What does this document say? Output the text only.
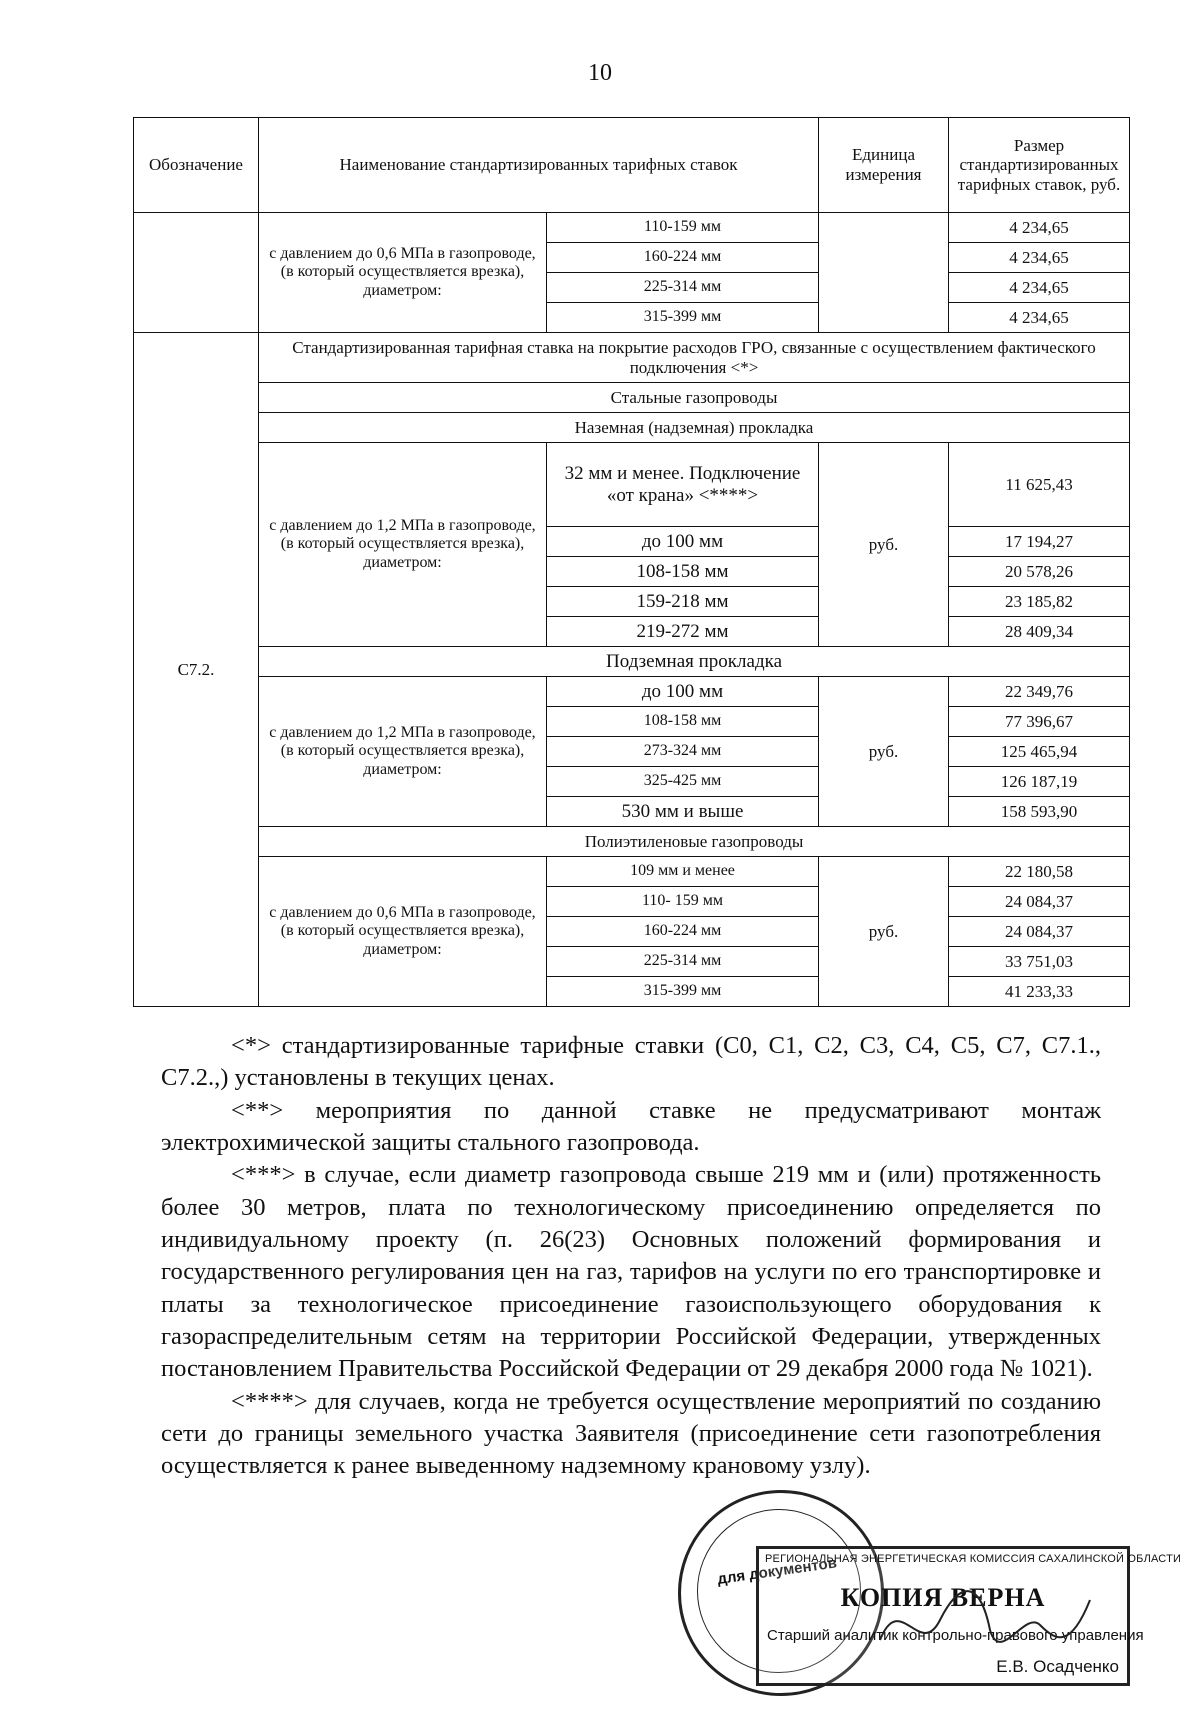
10
Обозначение	Наименование стандартизированных тарифных ставок		Единица измерения	Размер стандартизированных тарифных ставок, руб.
	с давлением до 0,6 МПа в газопроводе, (в который осуществляется врезка), диаметром:	110-159 мм		4 234,65
		160-224 мм		4 234,65
		225-314 мм		4 234,65
		315-399 мм		4 234,65
С7.2.	Стандартизированная тарифная ставка на покрытие расходов ГРО, связанные с осуществлением фактического подключения <*>			
	Стальные газопроводы			
	Наземная (надземная) прокладка			
	с давлением до 1,2 МПа в газопроводе, (в который осуществляется врезка), диаметром:	32 мм и менее. Подключение «от крана» <****>	руб.	11 625,43
		до 100 мм		17 194,27
		108-158 мм		20 578,26
		159-218 мм		23 185,82
		219-272 мм		28 409,34
	Подземная прокладка			
	с давлением до 1,2 МПа в газопроводе, (в который осуществляется врезка), диаметром:	до 100 мм	руб.	22 349,76
		108-158 мм		77 396,67
		273-324 мм		125 465,94
		325-425 мм		126 187,19
		530 мм и выше		158 593,90
	Полиэтиленовые газопроводы			
	с давлением до 0,6 МПа в газопроводе, (в который осуществляется врезка), диаметром:	109 мм и менее	руб.	22 180,58
		110- 159 мм		24 084,37
		160-224 мм		24 084,37
		225-314 мм		33 751,03
		315-399 мм		41 233,33

<*> стандартизированные тарифные ставки (С0, С1, С2, С3, С4, С5, С7, С7.1., С7.2.,) установлены в текущих ценах.

<**> мероприятия по данной ставке не предусматривают монтаж электрохимической защиты стального газопровода.

<***> в случае, если диаметр газопровода свыше 219 мм и (или) протяженность более 30 метров, плата по технологическому присоединению определяется по индивидуальному проекту (п. 26(23) Основных положений формирования и государственного регулирования цен на газ, тарифов на услуги по его транспортировке и платы за технологическое присоединение газоиспользующего оборудования к газораспределительным сетям на территории Российской Федерации, утвержденных постановлением Правительства Российской Федерации от 29 декабря 2000 года № 1021).

<****> для случаев, когда не требуется осуществление мероприятий по созданию сети до границы земельного участка Заявителя (присоединение сети газопотребления осуществляется к ранее выведенному надземному крановому узлу).

для документов
РЕГИОНАЛЬНАЯ ЭНЕРГЕТИЧЕСКАЯ КОМИССИЯ САХАЛИНСКОЙ ОБЛАСТИ
КОПИЯ ВЕРНА
Старший аналитик контрольно-правового управления
Е.В. Осадченко
